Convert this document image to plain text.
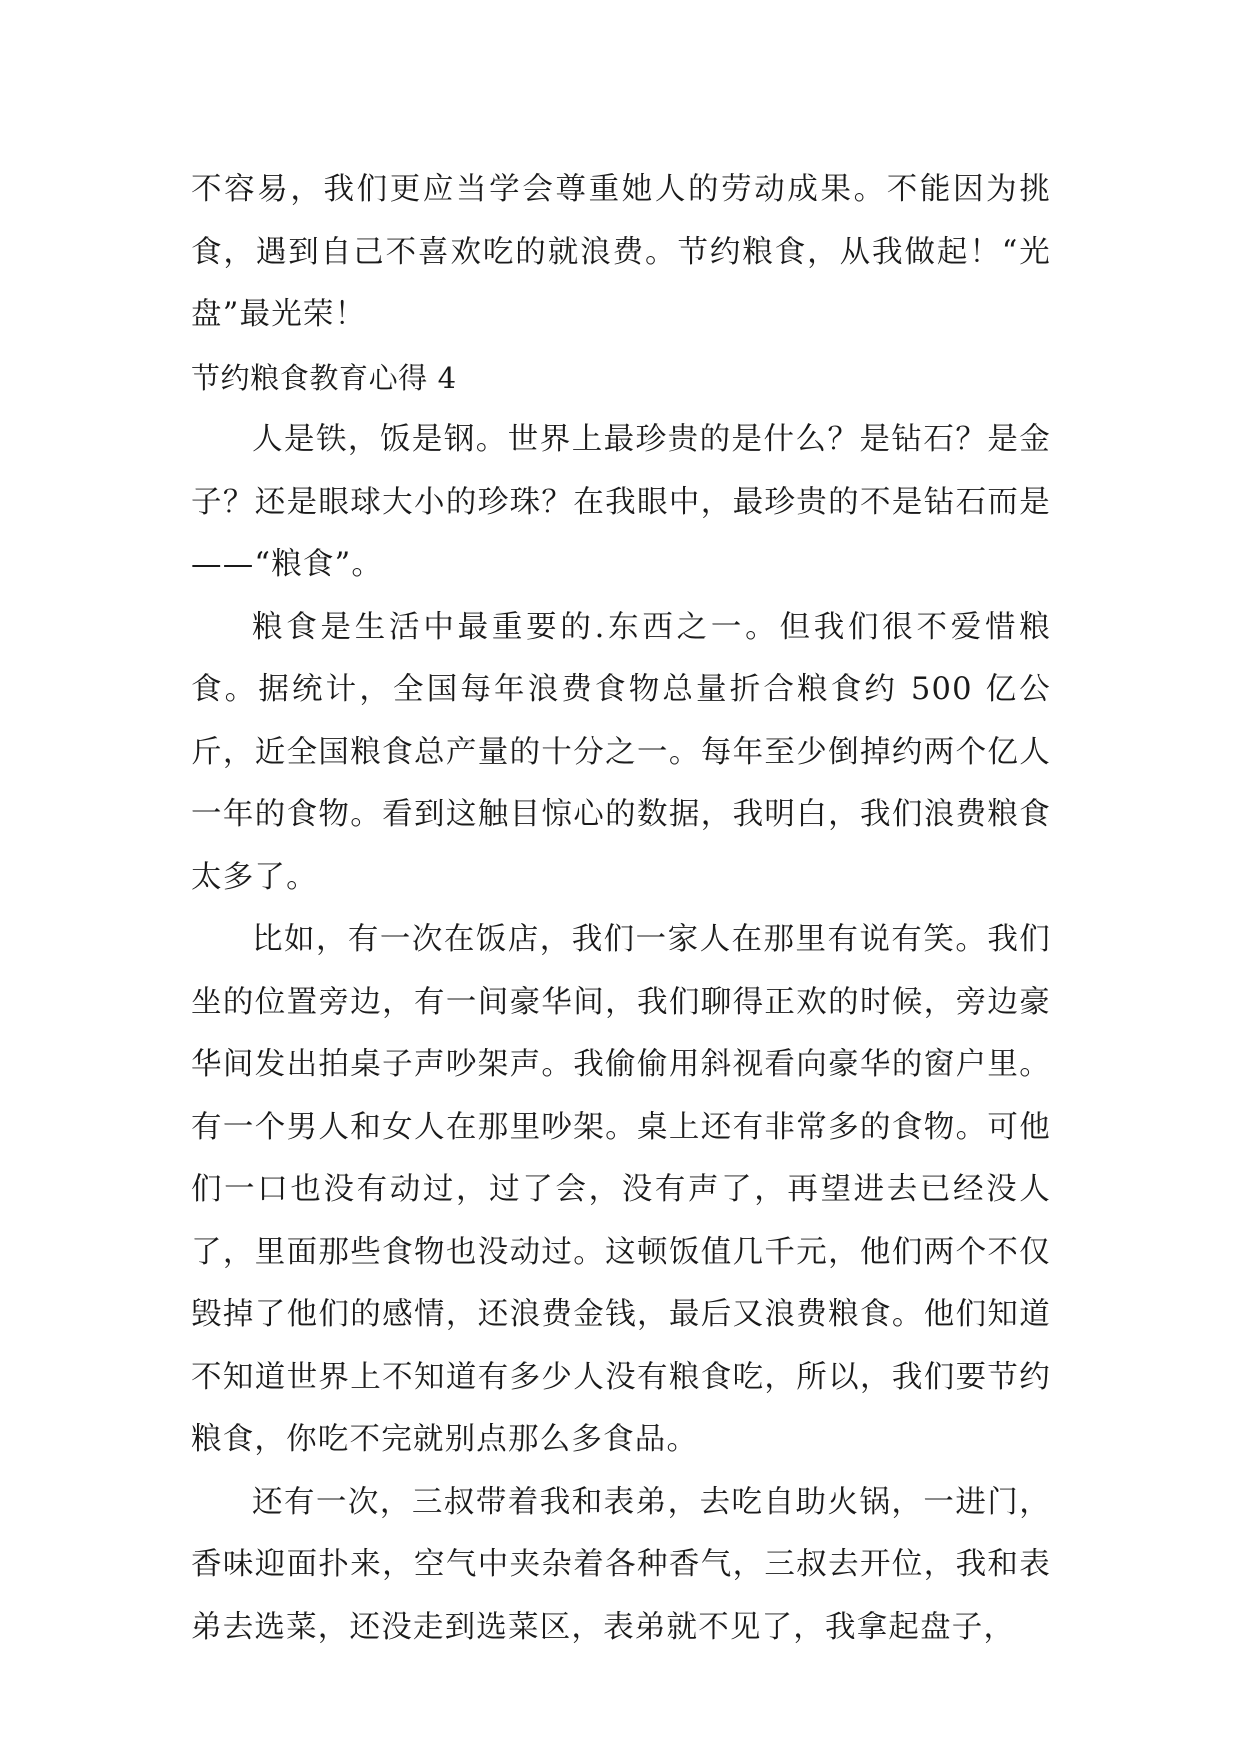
不容易，我们更应当学会尊重她人的劳动成果。不能因为挑食，遇到自己不喜欢吃的就浪费。节约粮食，从我做起！“光盘”最光荣！

节约粮食教育心得 4

人是铁，饭是钢。世界上最珍贵的是什么？是钻石？是金子？还是眼球大小的珍珠？在我眼中，最珍贵的不是钻石而是——“粮食”。

粮食是生活中最重要的.东西之一。但我们很不爱惜粮食。据统计，全国每年浪费食物总量折合粮食约 500 亿公斤，近全国粮食总产量的十分之一。每年至少倒掉约两个亿人一年的食物。看到这触目惊心的数据，我明白，我们浪费粮食太多了。

比如，有一次在饭店，我们一家人在那里有说有笑。我们坐的位置旁边，有一间豪华间，我们聊得正欢的时候，旁边豪华间发出拍桌子声吵架声。我偷偷用斜视看向豪华的窗户里。有一个男人和女人在那里吵架。桌上还有非常多的食物。可他们一口也没有动过，过了会，没有声了，再望进去已经没人了，里面那些食物也没动过。这顿饭值几千元，他们两个不仅毁掉了他们的感情，还浪费金钱，最后又浪费粮食。他们知道不知道世界上不知道有多少人没有粮食吃，所以，我们要节约粮食，你吃不完就别点那么多食品。

还有一次，三叔带着我和表弟，去吃自助火锅，一进门，香味迎面扑来，空气中夹杂着各种香气，三叔去开位，我和表弟去选菜，还没走到选菜区，表弟就不见了，我拿起盘子，
